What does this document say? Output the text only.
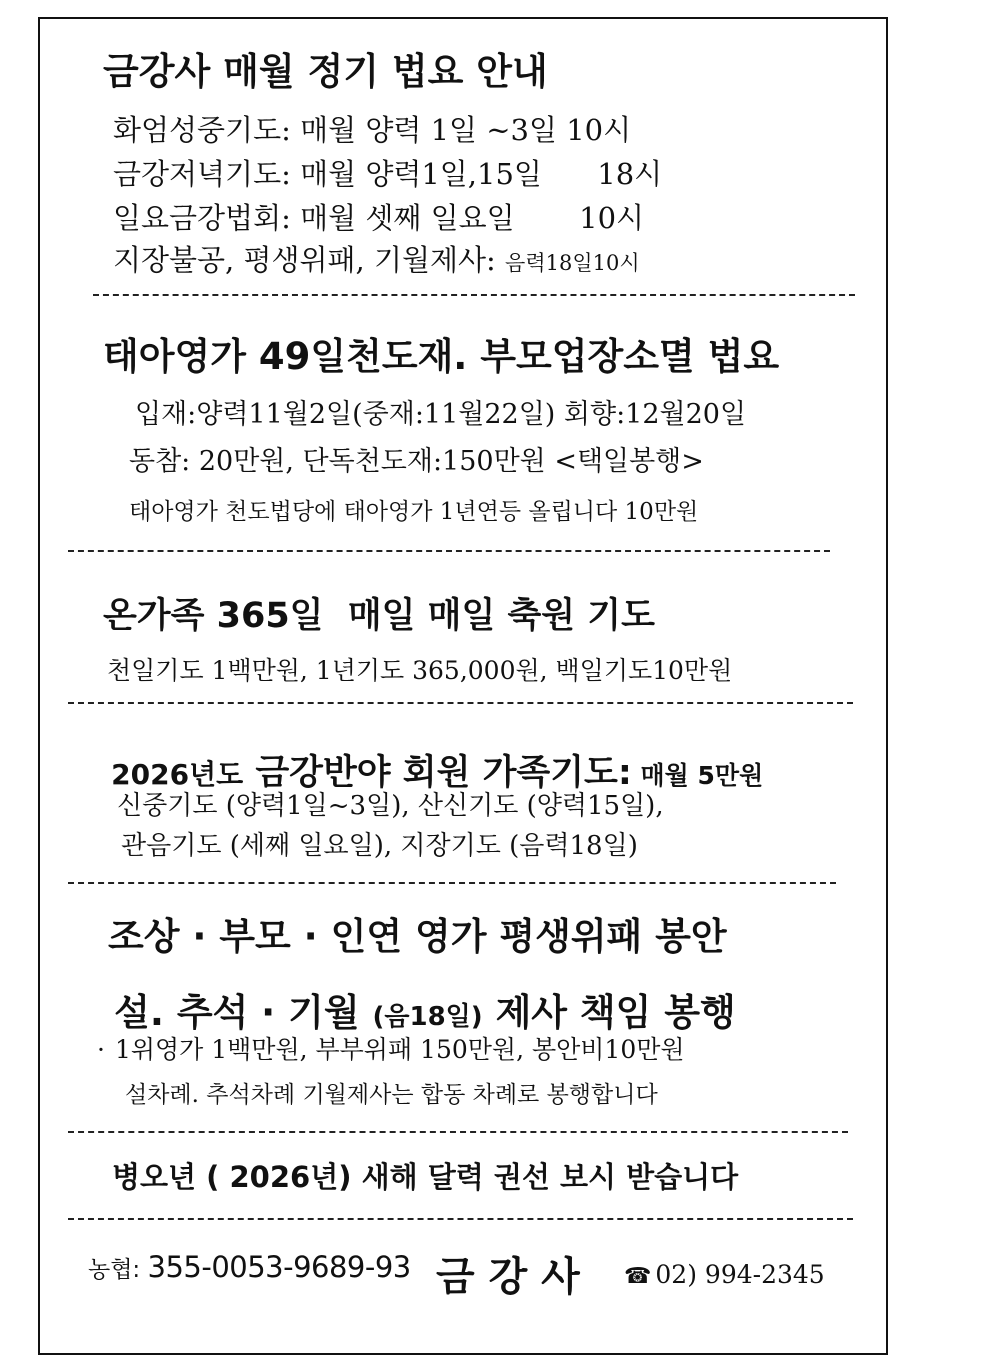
금강사 매월 정기 법요 안내
화엄성중기도: 매월 양력 1일 ~3일 10시
금강저녁기도: 매월 양력1일,15일      18시
일요금강법회: 매월 셋째 일요일       10시
지장불공, 평생위패, 기월제사: 음력18일10시
태아영가 49일천도재. 부모업장소멸 법요
입재:양력11월2일(중재:11월22일) 회향:12월20일
동참: 20만원, 단독천도재:150만원 <택일봉행>
태아영가 천도법당에 태아영가 1년연등 올립니다 10만원
온가족 365일  매일 매일 축원 기도
천일기도 1백만원, 1년기도 365,000원, 백일기도10만원

2026년도 금강반야 회원 가족기도: 매월 5만원

신중기도 (양력1일~3일), 산신기도 (양력15일),
관음기도 (세째 일요일), 지장기도 (음력18일)
조상 · 부모 · 인연 영가 평생위패 봉안

설. 추석 · 기월 (음18일) 제사 책임 봉행

· 1위영가 1백만원, 부부위패 150만원, 봉안비10만원
설차례. 추석차례 기월제사는 합동 차례로 봉행합니다
병오년 ( 2026년) 새해 달력 권선 보시 받습니다
농협: 355-0053-9689-93 금 강 사 ☎ 02) 994-2345
